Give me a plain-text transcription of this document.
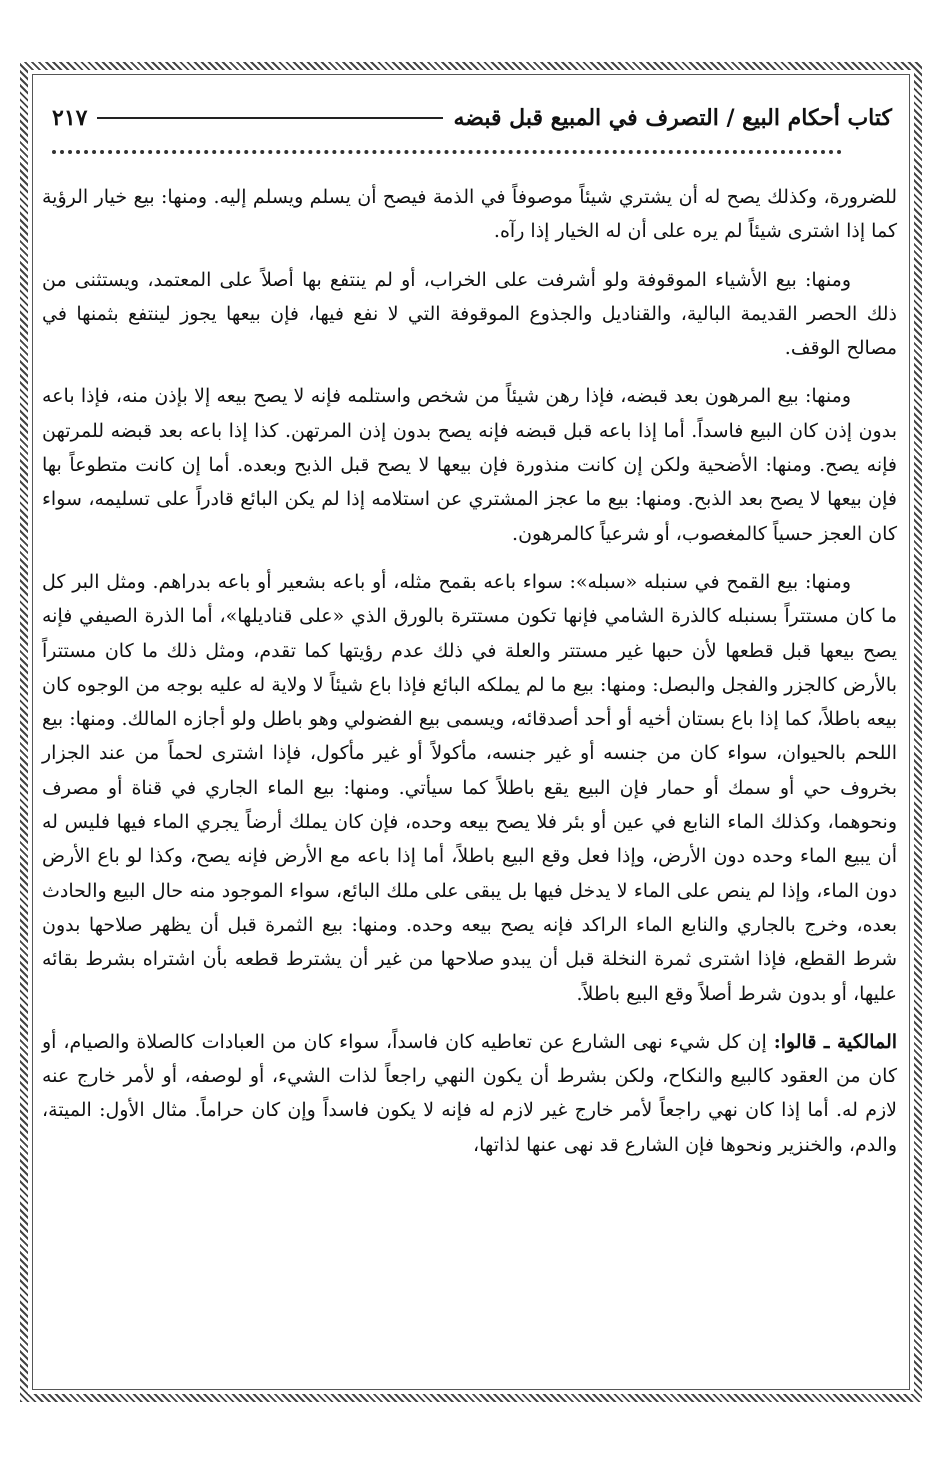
كتاب أحكام البيع / التصرف في المبيع قبل قبضه
٢١٧

للضرورة، وكذلك يصح له أن يشتري شيئاً موصوفاً في الذمة فيصح أن يسلم ويسلم إليه. ومنها: بيع خيار الرؤية كما إذا اشترى شيئاً لم يره على أن له الخيار إذا رآه.

ومنها: بيع الأشياء الموقوفة ولو أشرفت على الخراب، أو لم ينتفع بها أصلاً على المعتمد، ويستثنى من ذلك الحصر القديمة البالية، والقناديل والجذوع الموقوفة التي لا نفع فيها، فإن بيعها يجوز لينتفع بثمنها في مصالح الوقف.

ومنها: بيع المرهون بعد قبضه، فإذا رهن شيئاً من شخص واستلمه فإنه لا يصح بيعه إلا بإذن منه، فإذا باعه بدون إذن كان البيع فاسداً. أما إذا باعه قبل قبضه فإنه يصح بدون إذن المرتهن. كذا إذا باعه بعد قبضه للمرتهن فإنه يصح. ومنها: الأضحية ولكن إن كانت منذورة فإن بيعها لا يصح قبل الذبح وبعده. أما إن كانت متطوعاً بها فإن بيعها لا يصح بعد الذبح. ومنها: بيع ما عجز المشتري عن استلامه إذا لم يكن البائع قادراً على تسليمه، سواء كان العجز حسياً كالمغصوب، أو شرعياً كالمرهون.

ومنها: بيع القمح في سنبله «سبله»: سواء باعه بقمح مثله، أو باعه بشعير أو باعه بدراهم. ومثل البر كل ما كان مستتراً بسنبله كالذرة الشامي فإنها تكون مستترة بالورق الذي «على قناديلها»، أما الذرة الصيفي فإنه يصح بيعها قبل قطعها لأن حبها غير مستتر والعلة في ذلك عدم رؤيتها كما تقدم، ومثل ذلك ما كان مستتراً بالأرض كالجزر والفجل والبصل: ومنها: بيع ما لم يملكه البائع فإذا باع شيئاً لا ولاية له عليه بوجه من الوجوه كان بيعه باطلاً، كما إذا باع بستان أخيه أو أحد أصدقائه، ويسمى بيع الفضولي وهو باطل ولو أجازه المالك. ومنها: بيع اللحم بالحيوان، سواء كان من جنسه أو غير جنسه، مأكولاً أو غير مأكول، فإذا اشترى لحماً من عند الجزار بخروف حي أو سمك أو حمار فإن البيع يقع باطلاً كما سيأتي. ومنها: بيع الماء الجاري في قناة أو مصرف ونحوهما، وكذلك الماء النابع في عين أو بئر فلا يصح بيعه وحده، فإن كان يملك أرضاً يجري الماء فيها فليس له أن يبيع الماء وحده دون الأرض، وإذا فعل وقع البيع باطلاً، أما إذا باعه مع الأرض فإنه يصح، وكذا لو باع الأرض دون الماء، وإذا لم ينص على الماء لا يدخل فيها بل يبقى على ملك البائع، سواء الموجود منه حال البيع والحادث بعده، وخرج بالجاري والنابع الماء الراكد فإنه يصح بيعه وحده. ومنها: بيع الثمرة قبل أن يظهر صلاحها بدون شرط القطع، فإذا اشترى ثمرة النخلة قبل أن يبدو صلاحها من غير أن يشترط قطعه بأن اشتراه بشرط بقائه عليها، أو بدون شرط أصلاً وقع البيع باطلاً.

المالكية ـ قالوا: إن كل شيء نهى الشارع عن تعاطيه كان فاسداً، سواء كان من العبادات كالصلاة والصيام، أو كان من العقود كالبيع والنكاح، ولكن بشرط أن يكون النهي راجعاً لذات الشيء، أو لوصفه، أو لأمر خارج عنه لازم له. أما إذا كان نهي راجعاً لأمر خارج غير لازم له فإنه لا يكون فاسداً وإن كان حراماً. مثال الأول: الميتة، والدم، والخنزير ونحوها فإن الشارع قد نهى عنها لذاتها،
